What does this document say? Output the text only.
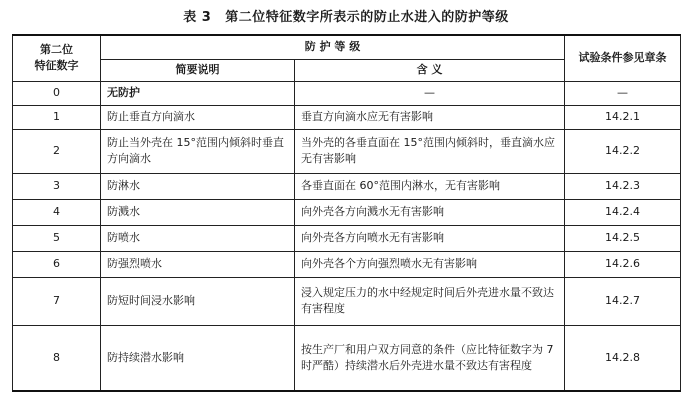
表 3 第二位特征数字所表示的防止水进入的防护等级
第二位
特征数字	防 护 等 级		试验条件参见章条
	简要说明	含 义	
0	无防护	—	—
1	防止垂直方向滴水	垂直方向滴水应无有害影响	14.2.1
2	防止当外壳在 15°范围内倾斜时垂直方向滴水	当外壳的各垂直面在 15°范围内倾斜时，垂直滴水应无有害影响	14.2.2
3	防淋水	各垂直面在 60°范围内淋水，无有害影响	14.2.3
4	防溅水	向外壳各方向溅水无有害影响	14.2.4
5	防喷水	向外壳各方向喷水无有害影响	14.2.5
6	防强烈喷水	向外壳各个方向强烈喷水无有害影响	14.2.6
7	防短时间浸水影响	浸入规定压力的水中经规定时间后外壳进水量不致达有害程度	14.2.7
8	防持续潜水影响	按生产厂和用户双方同意的条件（应比特征数字为 7 时严酷）持续潜水后外壳进水量不致达有害程度	14.2.8
